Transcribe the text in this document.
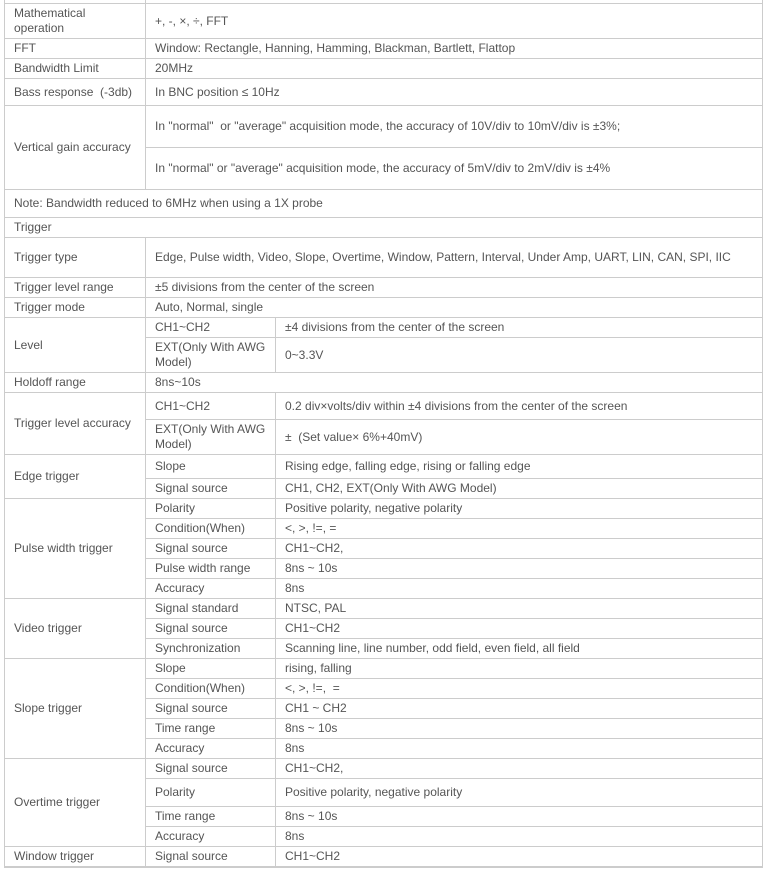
Mathematical operation	+, -, ×, ÷, FFT	
FFT	Window: Rectangle, Hanning, Hamming, Blackman, Bartlett, Flattop	
Bandwidth Limit	20MHz	
Bass response  (-3db)	In BNC position ≤ 10Hz	
Vertical gain accuracy	In "normal"  or "average" acquisition mode, the accuracy of 10V/div to 10mV/div is ±3%;	
	In "normal" or "average" acquisition mode, the accuracy of 5mV/div to 2mV/div is ±4%	
Note: Bandwidth reduced to 6MHz when using a 1X probe		
Trigger		
Trigger type	Edge, Pulse width, Video, Slope, Overtime, Window, Pattern, Interval, Under Amp, UART, LIN, CAN, SPI, IIC	
Trigger level range	±5 divisions from the center of the screen	
Trigger mode	Auto, Normal, single	
Level	CH1~CH2	±4 divisions from the center of the screen
	EXT(Only With AWG Model)	0~3.3V
Holdoff range	8ns~10s	
Trigger level accuracy	CH1~CH2	0.2 div×volts/div within ±4 divisions from the center of the screen
	EXT(Only With AWG Model)	±  (Set value× 6%+40mV)
Edge trigger	Slope	Rising edge, falling edge, rising or falling edge
	Signal source	CH1, CH2, EXT(Only With AWG Model)
Pulse width trigger	Polarity	Positive polarity, negative polarity
	Condition(When)	<, >, !=, =
	Signal source	CH1~CH2,
	Pulse width range	8ns ~ 10s
	Accuracy	8ns
Video trigger	Signal standard	NTSC, PAL
	Signal source	CH1~CH2
	Synchronization	Scanning line, line number, odd field, even field, all field
Slope trigger	Slope	rising, falling
	Condition(When)	<, >, !=,  =
	Signal source	CH1 ~ CH2
	Time range	8ns ~ 10s
	Accuracy	8ns
Overtime trigger	Signal source	CH1~CH2,
	Polarity	Positive polarity, negative polarity
	Time range	8ns ~ 10s
	Accuracy	8ns
Window trigger	Signal source	CH1~CH2
